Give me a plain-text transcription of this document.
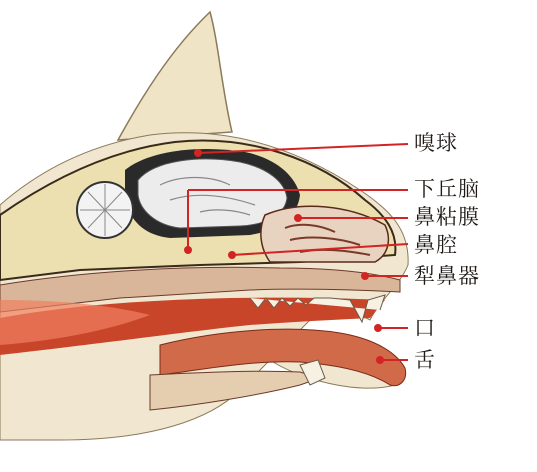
嗅球
下丘脑
鼻粘膜
鼻腔
犁鼻器
口
舌
